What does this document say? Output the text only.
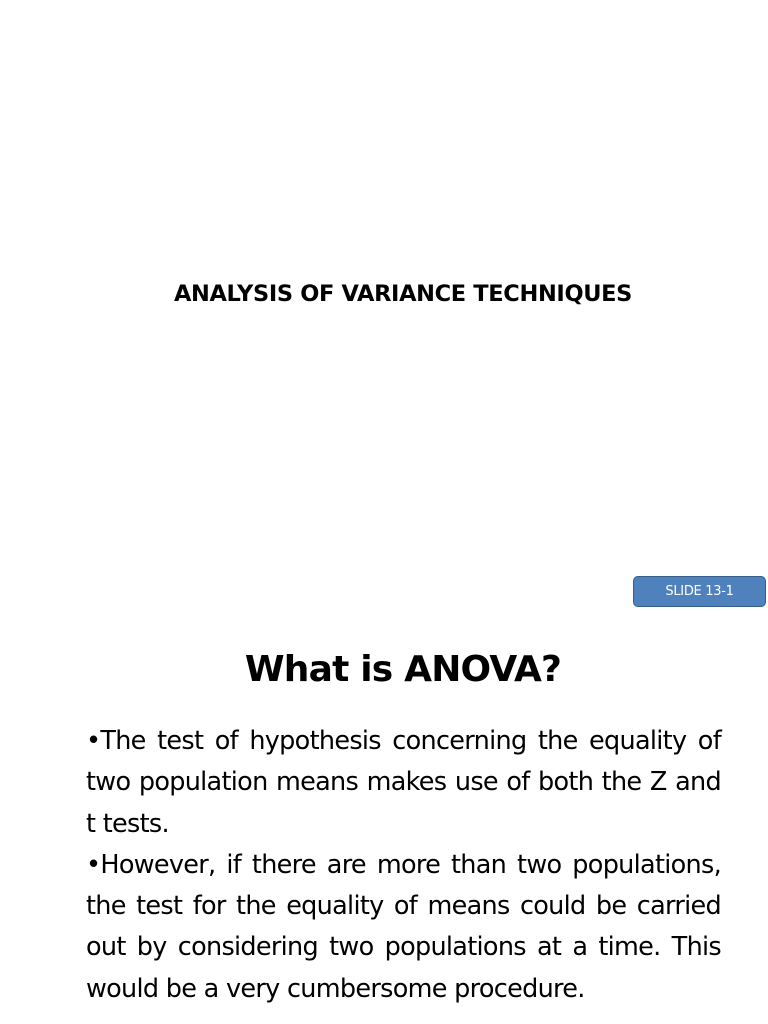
ANALYSIS OF VARIANCE TECHNIQUES
SLIDE 13-1
What is ANOVA?

•The test of hypothesis concerning the equality of two population means makes use of both the Z and t tests.

•However, if there are more than two populations, the test for the equality of means could be carried out by considering two populations at a time. This would be a very cumbersome procedure.
